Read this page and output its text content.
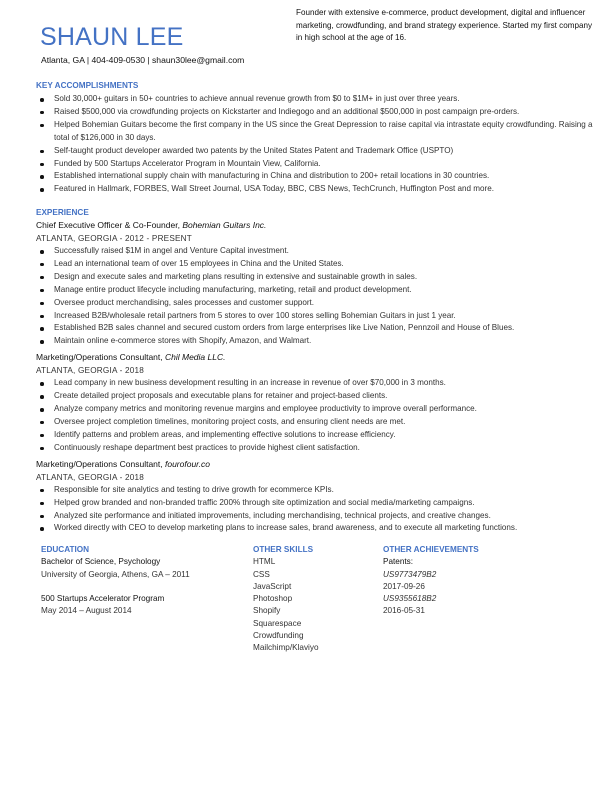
SHAUN LEE
Atlanta, GA | 404-409-0530 | shaun30lee@gmail.com
Founder with extensive e-commerce, product development, digital and influencer marketing, crowdfunding, and brand strategy experience. Started my first company in high school at the age of 16.
KEY ACCOMPLISHMENTS
Sold 30,000+ guitars in 50+ countries to achieve annual revenue growth from $0 to $1M+ in just over three years.
Raised $500,000 via crowdfunding projects on Kickstarter and Indiegogo and an additional $500,000 in post campaign pre-orders.
Helped Bohemian Guitars become the first company in the US since the Great Depression to raise capital via intrastate equity crowdfunding. Raising a total of $126,000 in 30 days.
Self-taught product developer awarded two patents by the United States Patent and Trademark Office (USPTO)
Funded by 500 Startups Accelerator Program in Mountain View, California.
Established international supply chain with manufacturing in China and distribution to 200+ retail locations in 30 countries.
Featured in Hallmark, FORBES, Wall Street Journal, USA Today, BBC, CBS News, TechCrunch, Huffington Post and more.
EXPERIENCE
Chief Executive Officer & Co-Founder, Bohemian Guitars Inc.
ATLANTA, GEORGIA - 2012 - PRESENT
Successfully raised $1M in angel and Venture Capital investment.
Lead an international team of over 15 employees in China and the United States.
Design and execute sales and marketing plans resulting in extensive and sustainable growth in sales.
Manage entire product lifecycle including manufacturing, marketing, retail and product development.
Oversee product merchandising, sales processes and customer support.
Increased B2B/wholesale retail partners from 5 stores to over 100 stores selling Bohemian Guitars in just 1 year.
Established B2B sales channel and secured custom orders from large enterprises like Live Nation, Pennzoil and House of Blues.
Maintain online e-commerce stores with Shopify, Amazon, and Walmart.
Marketing/Operations Consultant, Chil Media LLC.
ATLANTA, GEORGIA - 2018
Lead company in new business development resulting in an increase in revenue of over $70,000 in 3 months.
Create detailed project proposals and executable plans for retainer and project-based clients.
Analyze company metrics and monitoring revenue margins and employee productivity to improve overall performance.
Oversee project completion timelines, monitoring project costs, and ensuring client needs are met.
Identify patterns and problem areas, and implementing effective solutions to increase efficiency.
Continuously reshape department best practices to provide highest client satisfaction.
Marketing/Operations Consultant, fourofour.co
ATLANTA, GEORGIA - 2018
Responsible for site analytics and testing to drive growth for ecommerce KPIs.
Helped grow branded and non-branded traffic 200% through site optimization and social media/marketing campaigns.
Analyzed site performance and initiated improvements, including merchandising, technical projects, and creative changes.
Worked directly with CEO to develop marketing plans to increase sales, brand awareness, and to execute all marketing functions.
EDUCATION
Bachelor of Science, Psychology
University of Georgia, Athens, GA – 2011
500 Startups Accelerator Program
May 2014 – August 2014
OTHER SKILLS
HTML
CSS
JavaScript
Photoshop
Shopify
Squarespace
Crowdfunding
Mailchimp/Klaviyo
OTHER ACHIEVEMENTS
Patents:
US9773479B2
2017-09-26
US9355618B2
2016-05-31
